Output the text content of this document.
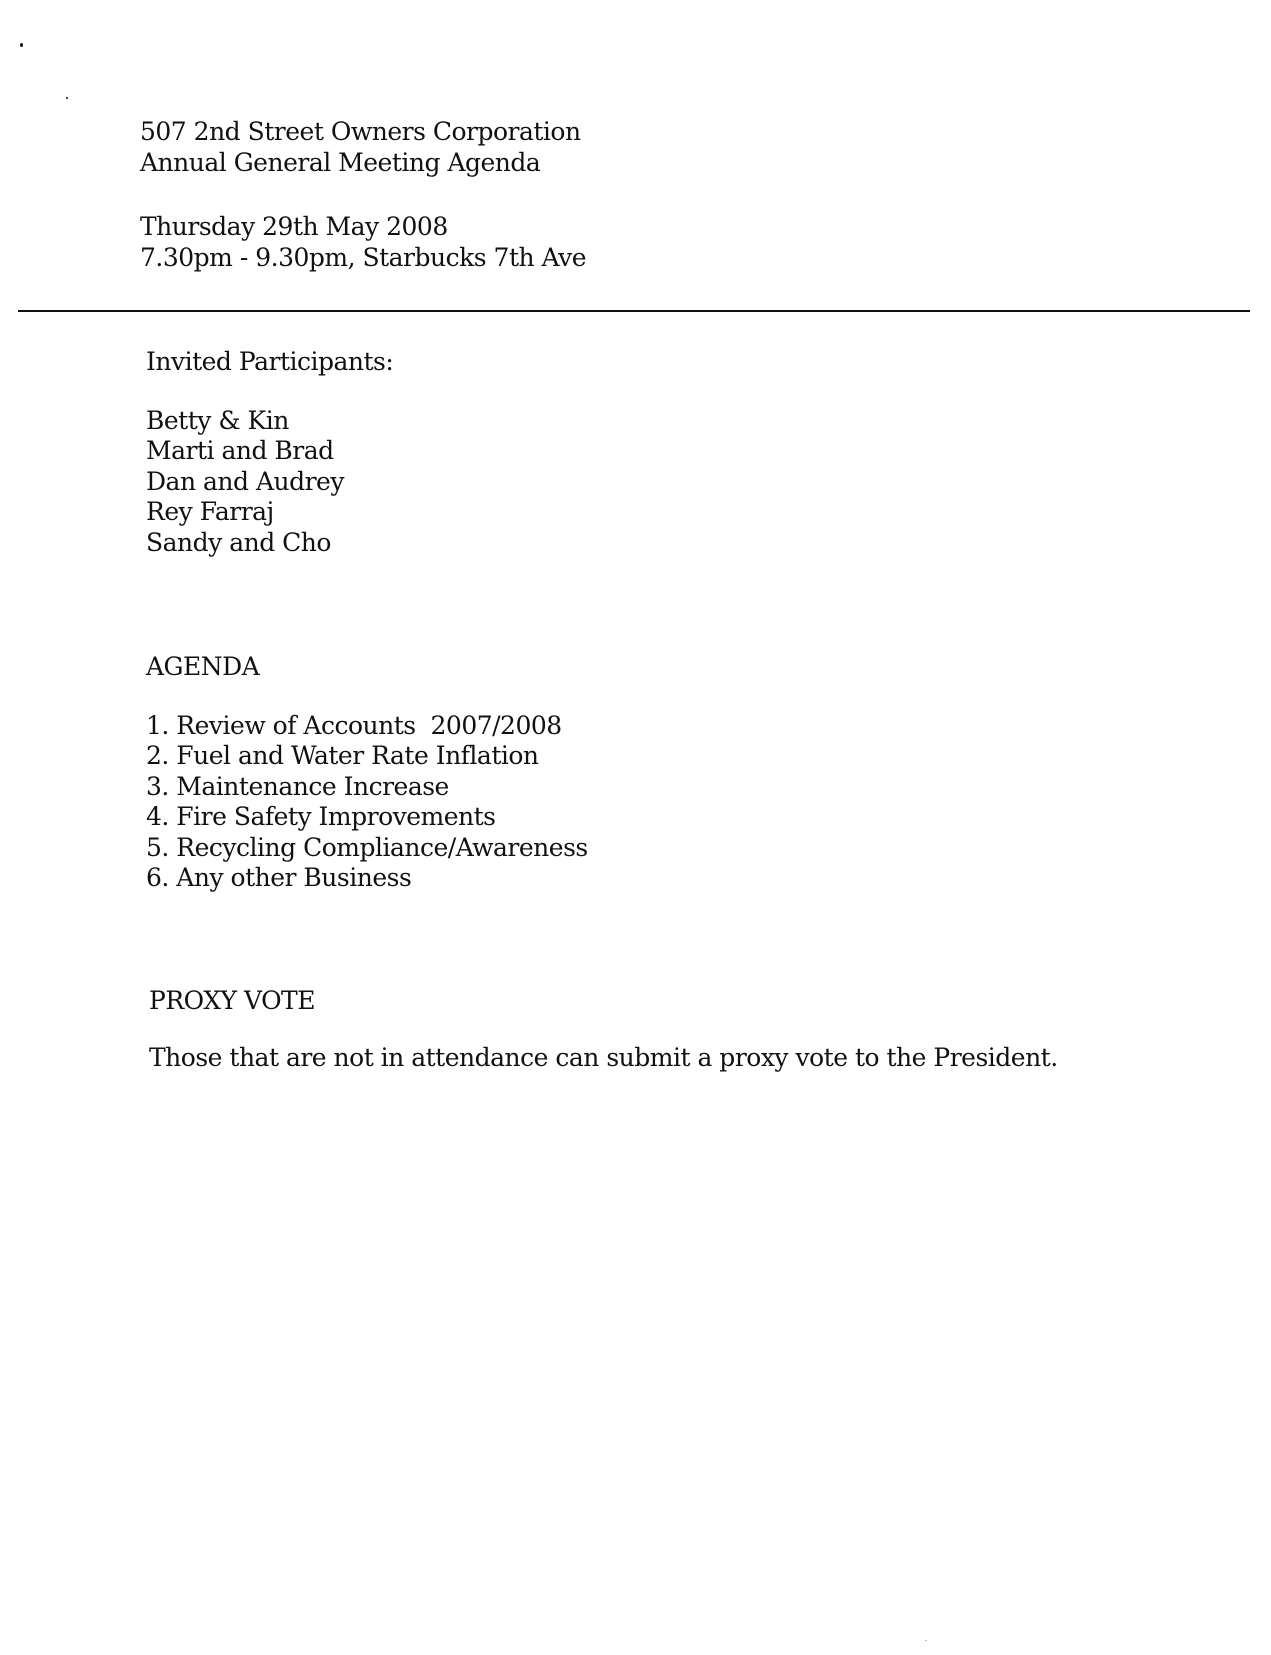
507 2nd Street Owners Corporation
Annual General Meeting Agenda
Thursday 29th May 2008
7.30pm - 9.30pm, Starbucks 7th Ave
Invited Participants:
Betty & Kin
Marti and Brad
Dan and Audrey
Rey Farraj
Sandy and Cho
AGENDA
1. Review of Accounts  2007/2008
2. Fuel and Water Rate Inflation
3. Maintenance Increase
4. Fire Safety Improvements
5. Recycling Compliance/Awareness
6. Any other Business
PROXY VOTE
Those that are not in attendance can submit a proxy vote to the President.
